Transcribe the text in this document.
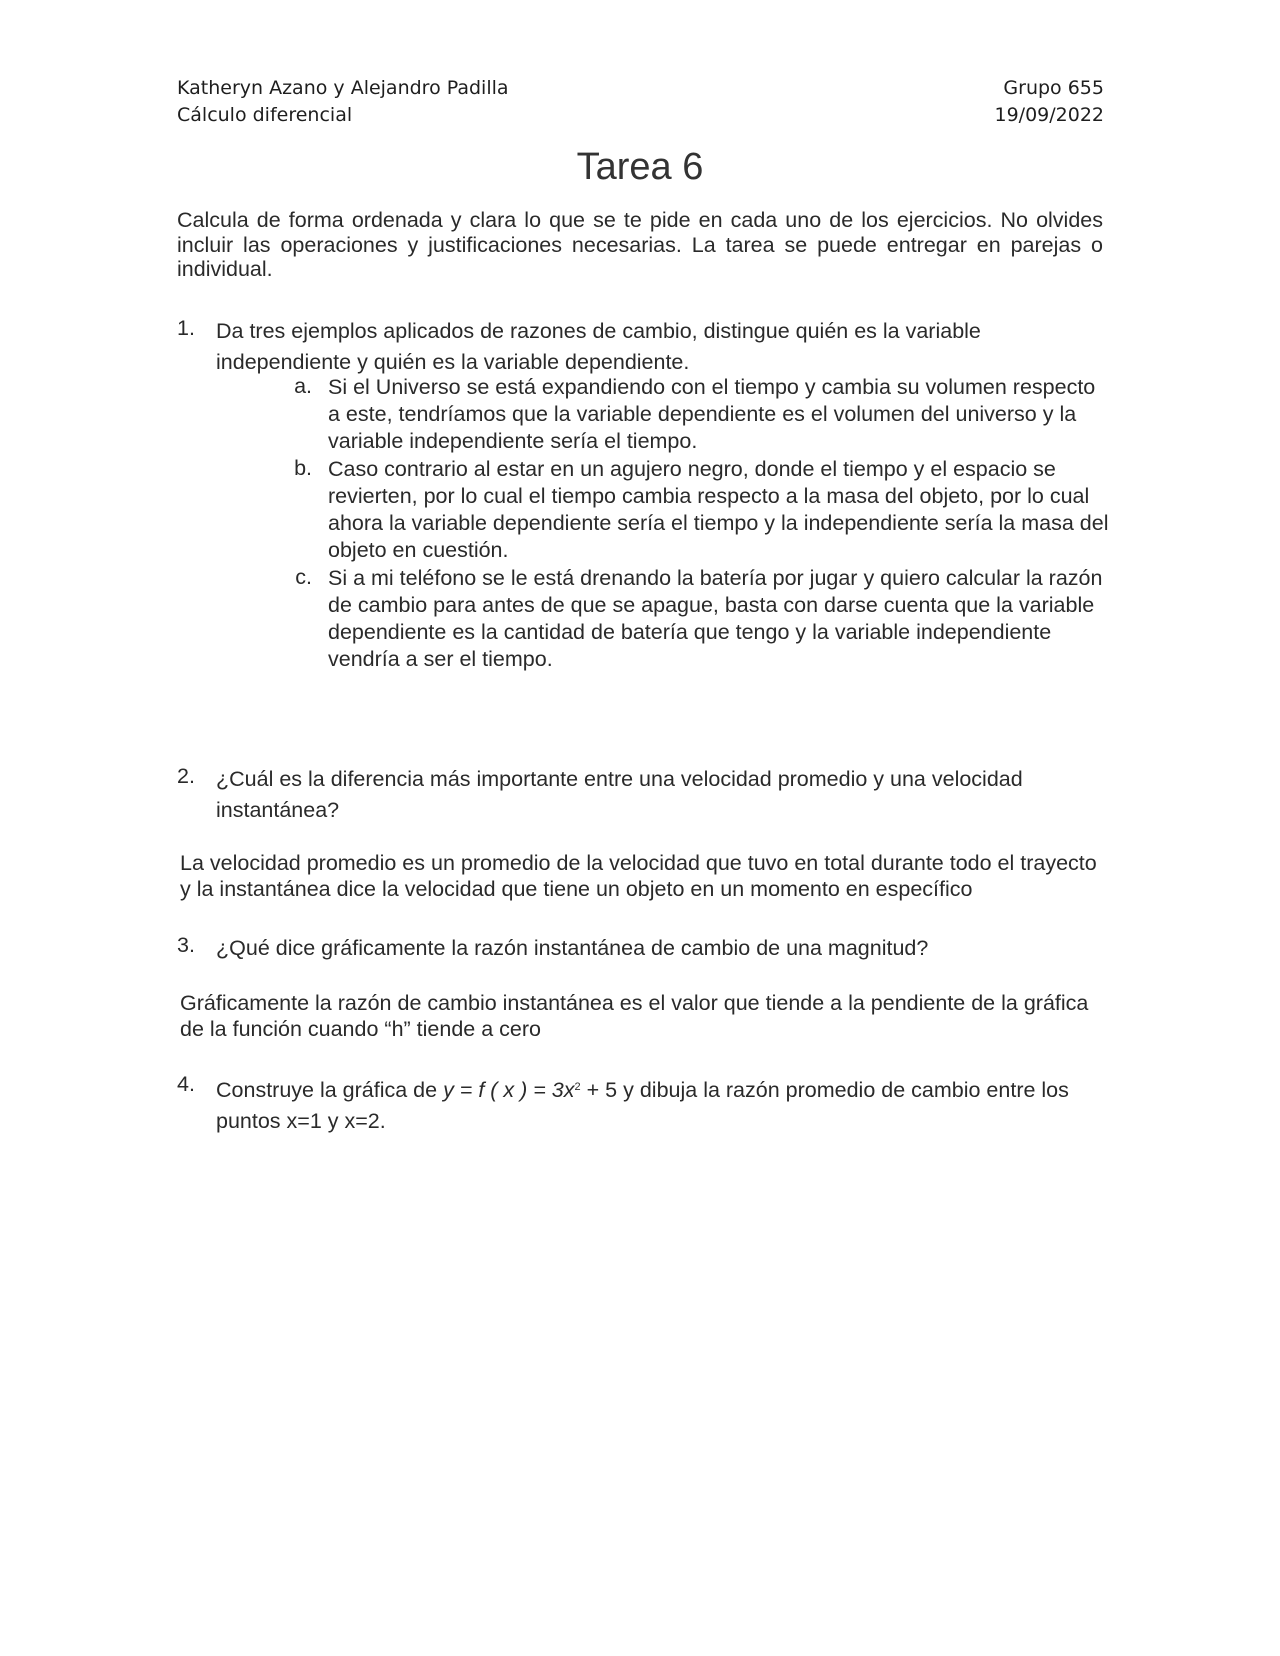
Katheryn Azano y Alejandro Padilla
Cálculo diferencial
Grupo 655
19/09/2022
Tarea 6
Calcula de forma ordenada y clara lo que se te pide en cada uno de los ejercicios. No olvides incluir las operaciones y justificaciones necesarias. La tarea se puede entregar en parejas o individual.
1. Da tres ejemplos aplicados de razones de cambio, distingue quién es la variable independiente y quién es la variable dependiente.
a. Si el Universo se está expandiendo con el tiempo y cambia su volumen respecto a este, tendríamos que la variable dependiente es el volumen del universo y la variable independiente sería el tiempo.
b. Caso contrario al estar en un agujero negro, donde el tiempo y el espacio se revierten, por lo cual el tiempo cambia respecto a la masa del objeto, por lo cual ahora la variable dependiente sería el tiempo y la independiente sería la masa del objeto en cuestión.
c. Si a mi teléfono se le está drenando la batería por jugar y quiero calcular la razón de cambio para antes de que se apague, basta con darse cuenta que la variable dependiente es la cantidad de batería que tengo y la variable independiente vendría a ser el tiempo.
2. ¿Cuál es la diferencia más importante entre una velocidad promedio y una velocidad instantánea?
La velocidad promedio es un promedio de la velocidad que tuvo en total durante todo el trayecto y la instantánea dice la velocidad que tiene un objeto en un momento en específico
3. ¿Qué dice gráficamente la razón instantánea de cambio de una magnitud?
Gráficamente la razón de cambio instantánea es el valor que tiende a la pendiente de la gráfica de la función cuando “h” tiende a cero
4. Construye la gráfica de y = f ( x ) = $3x^2 + 5$ y dibuja la razón promedio de cambio entre los puntos x=1 y x=2.
